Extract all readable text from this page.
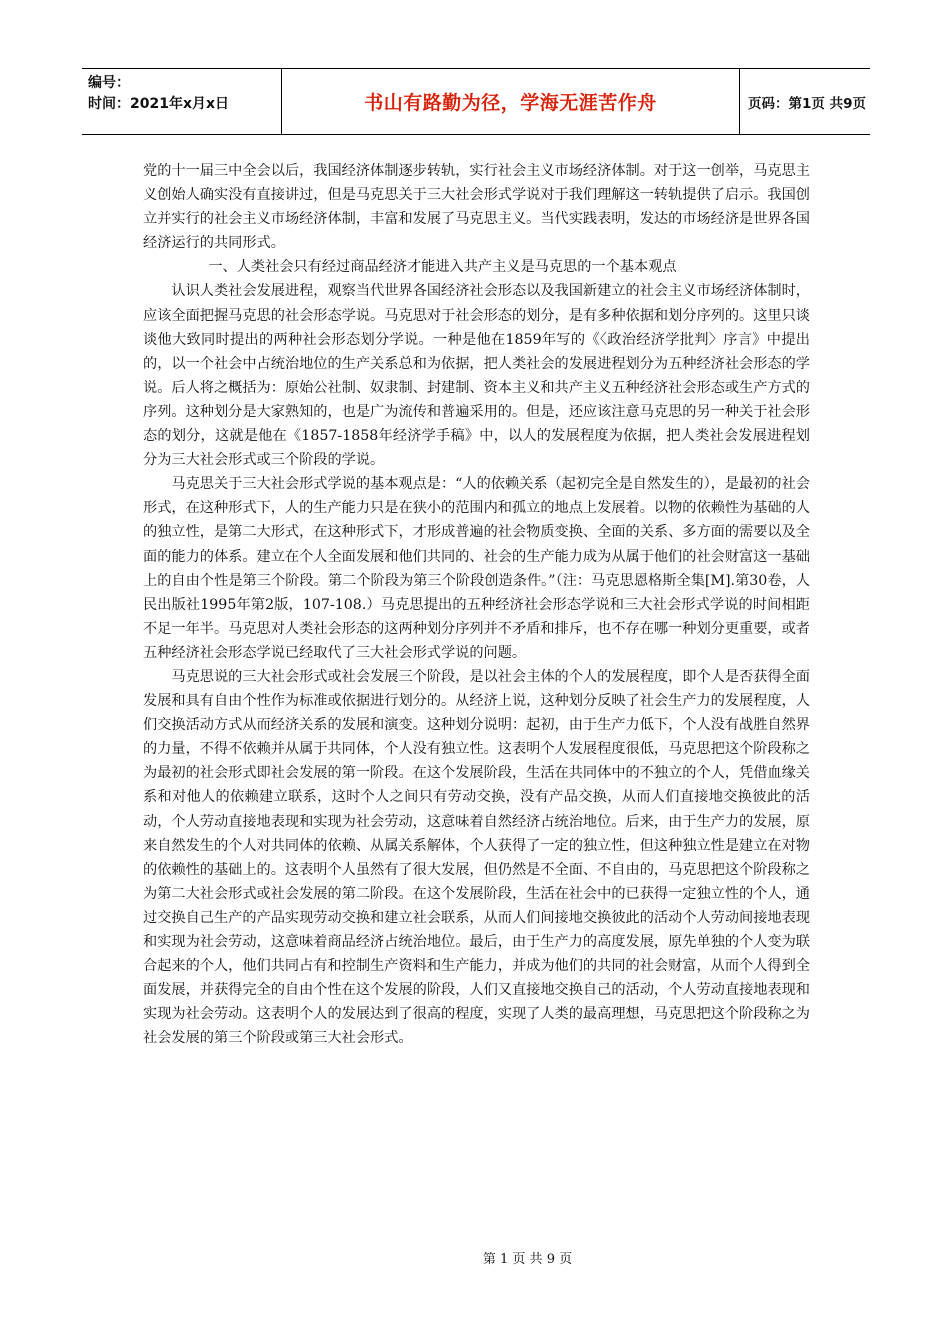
编号：
时间：2021年x月x日	书山有路勤为径，学海无涯苦作舟	页码：第1页 共9页

党的十一届三中全会以后，我国经济体制逐步转轨，实行社会主义市场经济体制。对于这一创举，马克思主义创始人确实没有直接讲过，但是马克思关于三大社会形式学说对于我们理解这一转轨提供了启示。我国创立并实行的社会主义市场经济体制，丰富和发展了马克思主义。当代实践表明，发达的市场经济是世界各国经济运行的共同形式。

一、人类社会只有经过商品经济才能进入共产主义是马克思的一个基本观点

认识人类社会发展进程，观察当代世界各国经济社会形态以及我国新建立的社会主义市场经济体制时，应该全面把握马克思的社会形态学说。马克思对于社会形态的划分，是有多种依据和划分序列的。这里只谈谈他大致同时提出的两种社会形态划分学说。一种是他在1859年写的《〈政治经济学批判〉序言》中提出的，以一个社会中占统治地位的生产关系总和为依据，把人类社会的发展进程划分为五种经济社会形态的学说。后人将之概括为：原始公社制、奴隶制、封建制、资本主义和共产主义五种经济社会形态或生产方式的序列。这种划分是大家熟知的，也是广为流传和普遍采用的。但是，还应该注意马克思的另一种关于社会形态的划分，这就是他在《1857-1858年经济学手稿》中，以人的发展程度为依据，把人类社会发展进程划分为三大社会形式或三个阶段的学说。

马克思关于三大社会形式学说的基本观点是：“人的依赖关系（起初完全是自然发生的），是最初的社会形式，在这种形式下，人的生产能力只是在狭小的范围内和孤立的地点上发展着。以物的依赖性为基础的人的独立性，是第二大形式，在这种形式下，才形成普遍的社会物质变换、全面的关系、多方面的需要以及全面的能力的体系。建立在个人全面发展和他们共同的、社会的生产能力成为从属于他们的社会财富这一基础上的自由个性是第三个阶段。第二个阶段为第三个阶段创造条件。”（注：马克思恩格斯全集[M].第30卷，人民出版社1995年第2版，107-108.）马克思提出的五种经济社会形态学说和三大社会形式学说的时间相距不足一年半。马克思对人类社会形态的这两种划分序列并不矛盾和排斥，也不存在哪一种划分更重要，或者五种经济社会形态学说已经取代了三大社会形式学说的问题。

马克思说的三大社会形式或社会发展三个阶段，是以社会主体的个人的发展程度，即个人是否获得全面发展和具有自由个性作为标准或依据进行划分的。从经济上说，这种划分反映了社会生产力的发展程度，人们交换活动方式从而经济关系的发展和演变。这种划分说明：起初，由于生产力低下，个人没有战胜自然界的力量，不得不依赖并从属于共同体，个人没有独立性。这表明个人发展程度很低，马克思把这个阶段称之为最初的社会形式即社会发展的第一阶段。在这个发展阶段，生活在共同体中的不独立的个人，凭借血缘关系和对他人的依赖建立联系，这时个人之间只有劳动交换，没有产品交换，从而人们直接地交换彼此的活动，个人劳动直接地表现和实现为社会劳动，这意味着自然经济占统治地位。后来，由于生产力的发展，原来自然发生的个人对共同体的依赖、从属关系解体，个人获得了一定的独立性，但这种独立性是建立在对物的依赖性的基础上的。这表明个人虽然有了很大发展，但仍然是不全面、不自由的，马克思把这个阶段称之为第二大社会形式或社会发展的第二阶段。在这个发展阶段，生活在社会中的已获得一定独立性的个人，通过交换自己生产的产品实现劳动交换和建立社会联系，从而人们间接地交换彼此的活动个人劳动间接地表现和实现为社会劳动，这意味着商品经济占统治地位。最后，由于生产力的高度发展，原先单独的个人变为联合起来的个人，他们共同占有和控制生产资料和生产能力，并成为他们的共同的社会财富，从而个人得到全面发展，并获得完全的自由个性在这个发展的阶段，人们又直接地交换自己的活动，个人劳动直接地表现和实现为社会劳动。这表明个人的发展达到了很高的程度，实现了人类的最高理想，马克思把这个阶段称之为社会发展的第三个阶段或第三大社会形式。

第 1 页 共 9 页
